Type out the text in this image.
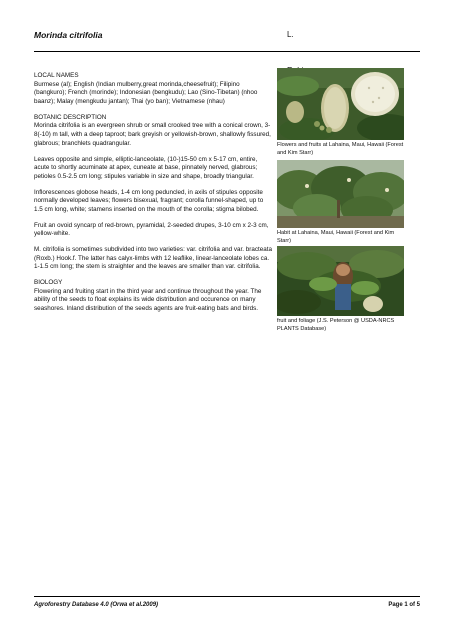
Morinda citrifolia	L.
LOCAL NAMES
Burmese (al); English (Indian mulberry,great morinda,cheesefruit); Filipino (bangkuro); French (morinde); Indonesian (bengkudu); Lao (Sino-Tibetan) (nhoo baanz); Malay (mengkudu jantan); Thai (yo ban); Vietnamese (nhau)
BOTANIC DESCRIPTION
Morinda citrifolia is an evergreen shrub or small crooked tree with a conical crown, 3-8(-10) m tall, with a deep taproot; bark greyish or yellowish-brown, shallowly fissured, glabrous; branchlets quadrangular.
Leaves opposite and simple, elliptic-lanceolate, (10-)15-50 cm x 5-17 cm, entire, acute to shortly acuminate at apex, cuneate at base, pinnately nerved, glabrous; petioles 0.5-2.5 cm long; stipules variable in size and shape, broadly triangular.
Inflorescences globose heads, 1-4 cm long peduncled, in axils of stipules opposite normally developed leaves; flowers bisexual, fragrant; corolla funnel-shaped, up to 1.5 cm long, white; stamens inserted on the mouth of the corolla; stigma bilobed.
Fruit an ovoid syncarp of red-brown, pyramidal, 2-seeded drupes, 3-10 cm x 2-3 cm, yellow-white.
M. citrifolia is sometimes subdivided into two varieties: var. citrifolia and var. bracteata (Roxb.) Hook.f. The latter has calyx-limbs with 12 leaflike, linear-lanceolate lobes ca. 1-1.5 cm long; the stem is straighter and the leaves are smaller than var. citrifolia.
BIOLOGY
Flowering and fruiting start in the third year and continue throughout the year. The ability of the seeds to float explains its wide distribution and occurence on many seashores. Inland distribution of the seeds agents are fruit-eating bats and birds.
Flowers and fruits at Lahaina, Maui, Hawaii (Forest and Kim Starr)
Habit at Lahaina, Maui, Hawaii (Forest and Kim Starr)
fruit and foliage (J.S. Peterson @ USDA-NRCS PLANTS Database)
Agroforestry Database 4.0 (Orwa et al.2009)	Page 1 of 5
